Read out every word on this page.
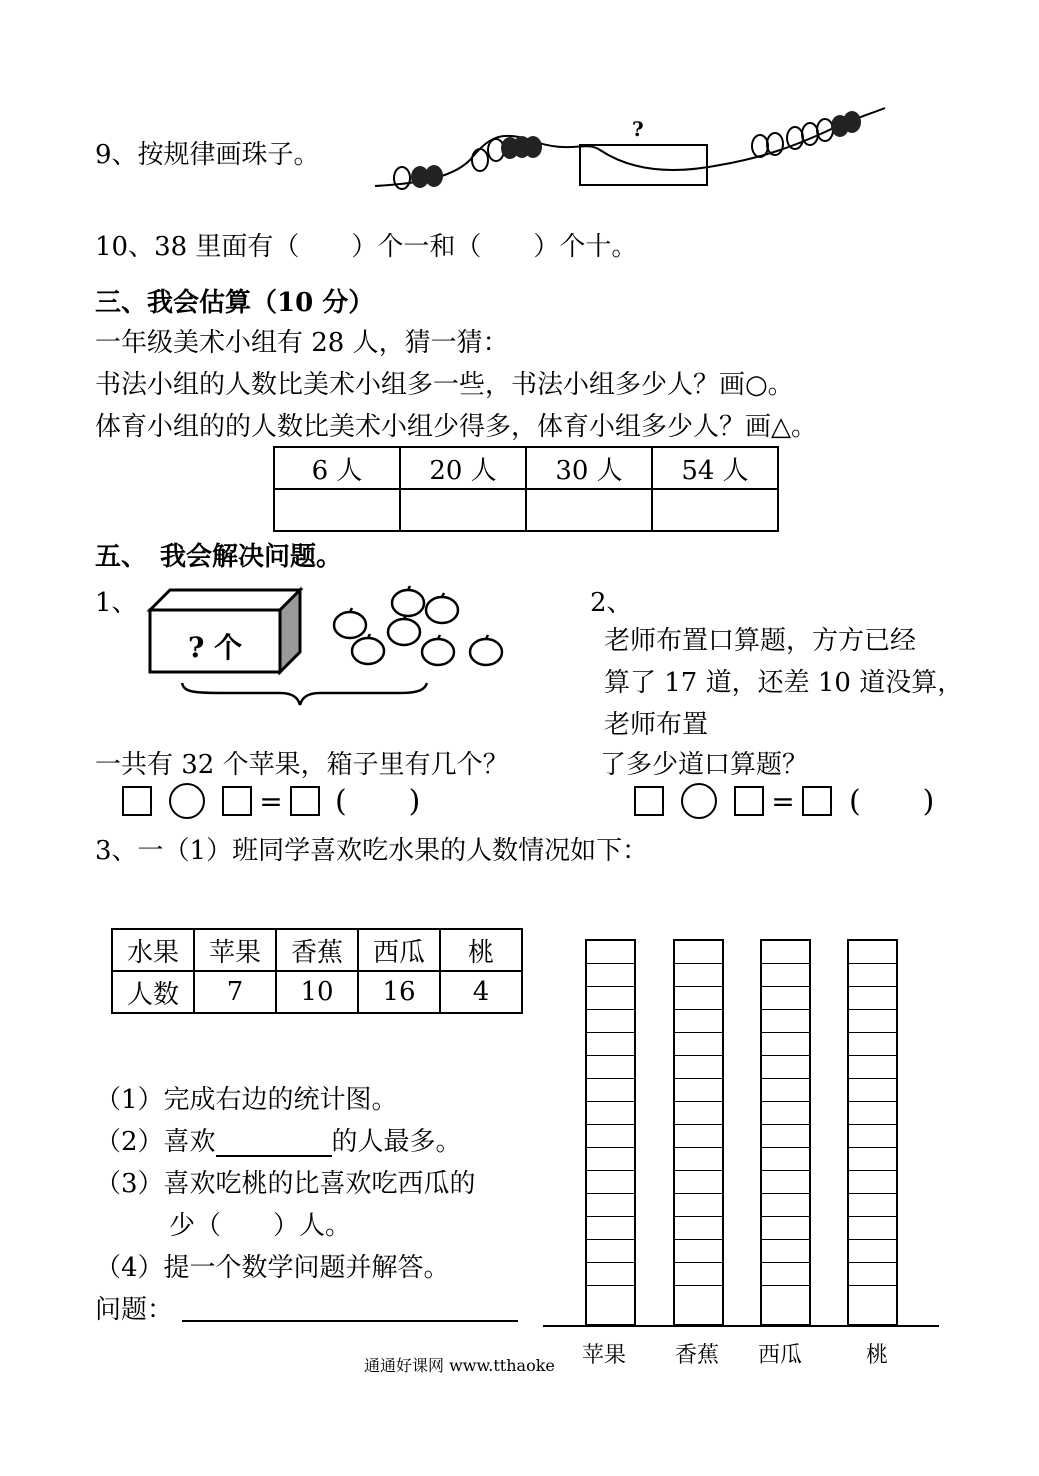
9、按规律画珠子。
?
10、38 里面有（　　）个一和（　　）个十。
三、我会估算（10 分）
一年级美术小组有 28 人，猜一猜：
书法小组的人数比美术小组多一些，书法小组多少人？画○。
体育小组的的人数比美术小组少得多，体育小组多少人？画△。
6 人	20 人	30 人	54 人

五、　我会解决问题。
1、
? 个
一共有 32 个苹果，箱子里有几个？
= ( )
2、
老师布置口算题，方方已经
算了 17 道，还差 10 道没算，
老师布置
了多少道口算题？
= ( )
3、一（1）班同学喜欢吃水果的人数情况如下：
水果	苹果	香蕉	西瓜	桃
人数	7	10	16	4
（1）完成右边的统计图。
（2）喜欢	的人最多。
（3）喜欢吃桃的比喜欢吃西瓜的
少（　　）人。
（4）提一个数学问题并解答。
问题：
苹果 香蕉 西瓜	桃
通通好课网 www.tthaoke
